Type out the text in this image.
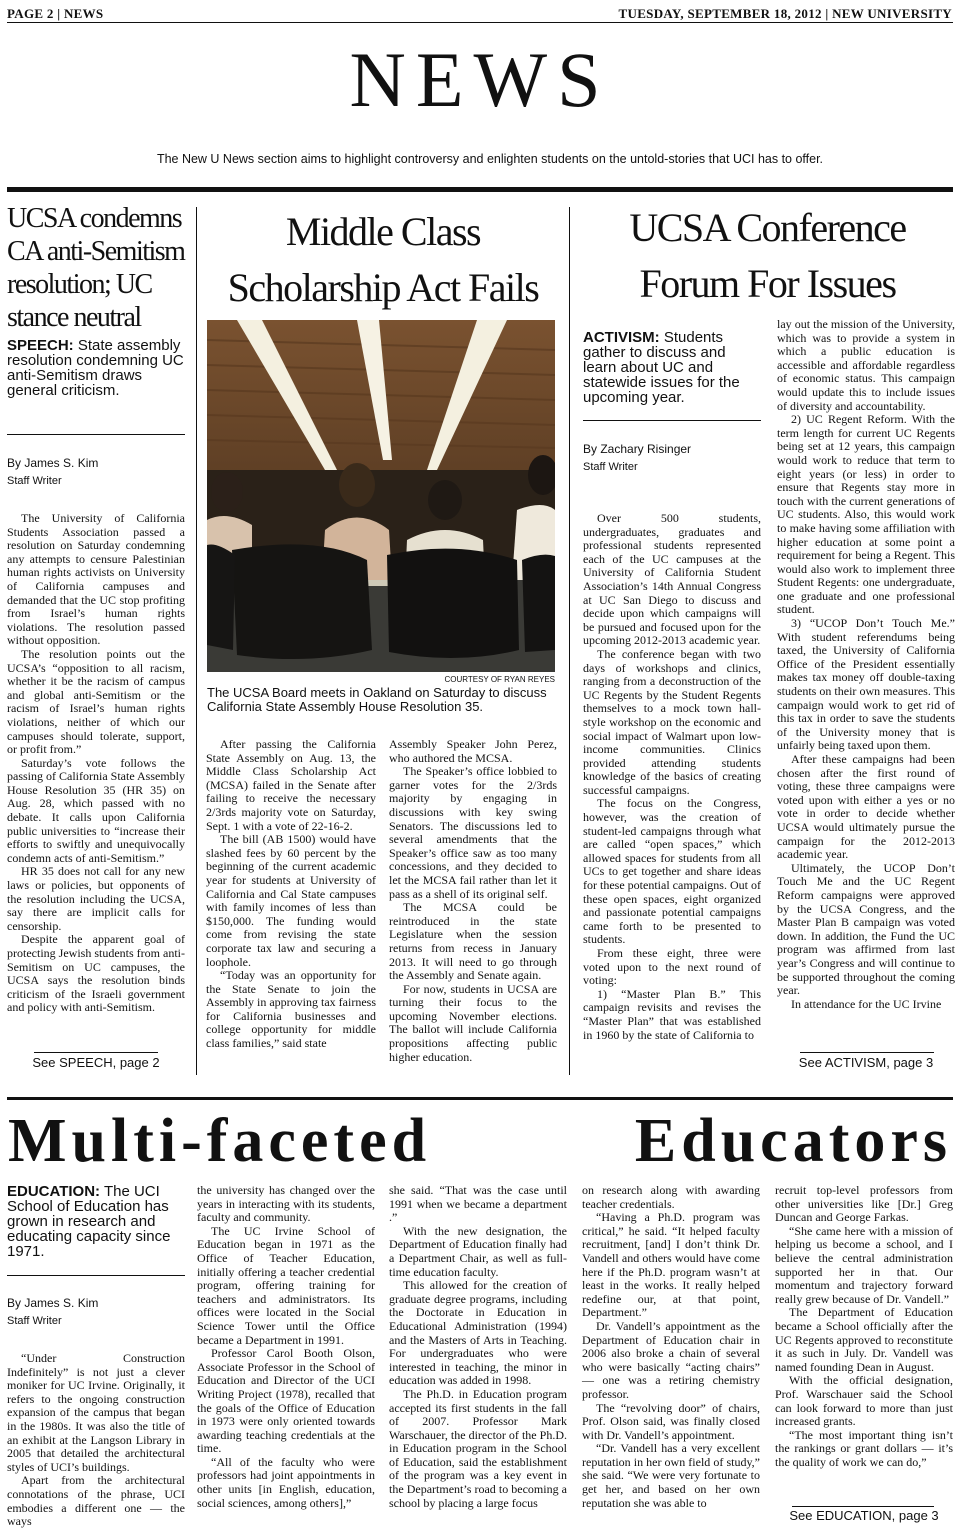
PAGE 2 | NEWS	TUESDAY, SEPTEMBER 18, 2012 | NEW UNIVERSITY
NEWS
The New U News section aims to highlight controversy and enlighten students on the untold-stories that UCI has to offer.
UCSA condemns
CA anti-Semitism
resolution; UC
stance neutral
SPEECH: State assembly resolution condemning UC anti-Semitism draws general criticism.
By James S. Kim
Staff Writer

The University of California Students Association passed a resolution on Saturday condemning any attempts to censure Palestinian human rights activists on University of California campuses and demanded that the UC stop profiting from Israel’s human rights violations. The resolution passed without opposition.

The resolution points out the UCSA’s “opposition to all racism, whether it be the racism of campus and global anti-Semitism or the racism of Israel’s human rights violations, neither of which our campuses should tolerate, support, or profit from.”

Saturday’s vote follows the passing of California State Assembly House Resolution 35 (HR 35) on Aug. 28, which passed with no debate. It calls upon California public universities to “increase their efforts to swiftly and unequivocally condemn acts of anti-Semitism.”

HR 35 does not call for any new laws or policies, but opponents of the resolution including the UCSA, say there are implicit calls for censorship.

Despite the apparent goal of protecting Jewish students from anti-Semitism on UC campuses, the UCSA says the resolution binds criticism of the Israeli government and policy with anti-Semitism.

See SPEECH, page 2
Middle Class
Scholarship Act Fails
COURTESY OF RYAN REYES
The UCSA Board meets in Oakland on Saturday to discuss California State Assembly House Resolution 35.

After passing the California State Assembly on Aug. 13, the Middle Class Scholarship Act (MCSA) failed in the Senate after failing to receive the necessary 2/3rds majority vote on Saturday, Sept. 1 with a vote of 22-16-2.

The bill (AB 1500) would have slashed fees by 60 percent by the beginning of the current academic year for students at University of California and Cal State campuses with family incomes of less than $150,000. The funding would come from revising the state corporate tax law and securing a loophole.

“Today was an opportunity for the State Senate to join the Assembly in approving tax fairness for California businesses and college opportunity for middle class families,” said state

Assembly Speaker John Perez, who authored the MCSA.

The Speaker’s office lobbied to garner votes for the 2/3rds majority by engaging in discussions with key swing Senators. The discussions led to several amendments that the Speaker’s office saw as too many concessions, and they decided to let the MCSA fail rather than let it pass as a shell of its original self.

The MCSA could be reintroduced in the state Legislature when the session returns from recess in January 2013. It will need to go through the Assembly and Senate again.

For now, students in UCSA are turning their focus to the upcoming November elections. The ballot will include California propositions affecting public higher education.

UCSA Conference
Forum For Issues
ACTIVISM: Students gather to discuss and learn about UC and statewide issues for the upcoming year.
By Zachary Risinger
Staff Writer

Over 500 students, undergraduates, graduates and professional students represented each of the UC campuses at the University of California Student Association’s 14th Annual Congress at UC San Diego to discuss and decide upon which campaigns will be pursued and focused upon for the upcoming 2012-2013 academic year.

The conference began with two days of workshops and clinics, ranging from a deconstruction of the UC Regents by the Student Regents themselves to a mock town hall-style workshop on the economic and social impact of Walmart upon low-income communities. Clinics provided attending students knowledge of the basics of creating successful campaigns.

The focus on the Congress, however, was the creation of student-led campaigns through what are called “open spaces,” which allowed spaces for students from all UCs to get together and share ideas for these potential campaigns. Out of these open spaces, eight organized and passionate potential campaigns came forth to be presented to students.

From these eight, three were voted upon to the next round of voting:

1) “Master Plan B.” This campaign revisits and revises the “Master Plan” that was established in 1960 by the state of California to

lay out the mission of the University, which was to provide a system in which a public education is accessible and affordable regardless of economic status. This campaign would update this to include issues of diversity and accountability.

2) UC Regent Reform. With the term length for current UC Regents being set at 12 years, this campaign would work to reduce that term to eight years (or less) in order to ensure that Regents stay more in touch with the current generations of UC students. Also, this would work to make having some affiliation with higher education at some point a requirement for being a Regent. This would also work to implement three Student Regents: one undergraduate, one graduate and one professional student.

3) “UCOP Don’t Touch Me.” With student referendums being taxed, the University of California Office of the President essentially makes tax money off double-taxing students on their own measures. This campaign would work to get rid of this tax in order to save the students of the University money that is unfairly being taxed upon them.

After these campaigns had been chosen after the first round of voting, these three campaigns were voted upon with either a yes or no vote in order to decide whether UCSA would ultimately pursue the campaign for the 2012-2013 academic year.

Ultimately, the UCOP Don’t Touch Me and the UC Regent Reform campaigns were approved by the UCSA Congress, and the Master Plan B campaign was voted down. In addition, the Fund the UC program was affirmed from last year’s Congress and will continue to be supported throughout the coming year.

In attendance for the UC Irvine

See ACTIVISM, page 3
Multi-faceted	Educators
EDUCATION: The UCI School of Education has grown in research and educating capacity since 1971.
By James S. Kim
Staff Writer

“Under Construction Indefinitely” is not just a clever moniker for UC Irvine. Originally, it refers to the ongoing construction expansion of the campus that began in the 1980s. It was also the title of an exhibit at the Langson Library in 2005 that detailed the architectural styles of UCI’s buildings.

Apart from the architectural connotations of the phrase, UCI embodies a different one — the ways

the university has changed over the years in interacting with its students, faculty and community.

The UC Irvine School of Education began in 1971 as the Office of Teacher Education, initially offering a teacher credential program, offering training for teachers and administrators. Its offices were located in the Social Science Tower until the Office became a Department in 1991.

Professor Carol Booth Olson, Associate Professor in the School of Education and Director of the UCI Writing Project (1978), recalled that the goals of the Office of Education in 1973 were only oriented towards awarding teaching credentials at the time.

“All of the faculty who were professors had joint appointments in other units [in English, education, social sciences, among others],”

she said. “That was the case until 1991 when we became a department .”

With the new designation, the Department of Education finally had a Department Chair, as well as full-time education faculty.

This allowed for the creation of graduate degree programs, including the Doctorate in Education in Educational Administration (1994) and the Masters of Arts in Teaching. For undergraduates who were interested in teaching, the minor in education was added in 1998.

The Ph.D. in Education program accepted its first students in the fall of 2007. Professor Mark Warschauer, the director of the Ph.D. in Education program in the School of Education, said the establishment of the program was a key event in the Department’s road to becoming a school by placing a large focus

on research along with awarding teacher credentials.

“Having a Ph.D. program was critical,” he said. “It helped faculty recruitment, [and] I don’t think Dr. Vandell and others would have come here if the Ph.D. program wasn’t at least in the works. It really helped redefine our, at that point, Department.”

Dr. Vandell’s appointment as the Department of Education chair in 2006 also broke a chain of several who were basically “acting chairs” — one was a retiring chemistry professor.

The “revolving door” of chairs, Prof. Olson said, was finally closed with Dr. Vandell’s appointment.

“Dr. Vandell has a very excellent reputation in her own field of study,” she said. “We were very fortunate to get her, and based on her own reputation she was able to

recruit top-level professors from other universities like [Dr.] Greg Duncan and George Farkas.

“She came here with a mission of helping us become a school, and I believe the central administration supported her in that. Our momentum and trajectory forward really grew because of Dr. Vandell.”

The Department of Education became a School officially after the UC Regents approved to reconstitute it as such in July. Dr. Vandell was named founding Dean in August.

With the official designation, Prof. Warschauer said the School can look forward to more than just increased grants.

“The most important thing isn’t the rankings or grant dollars — it’s the quality of work we can do,”

See EDUCATION, page 3
